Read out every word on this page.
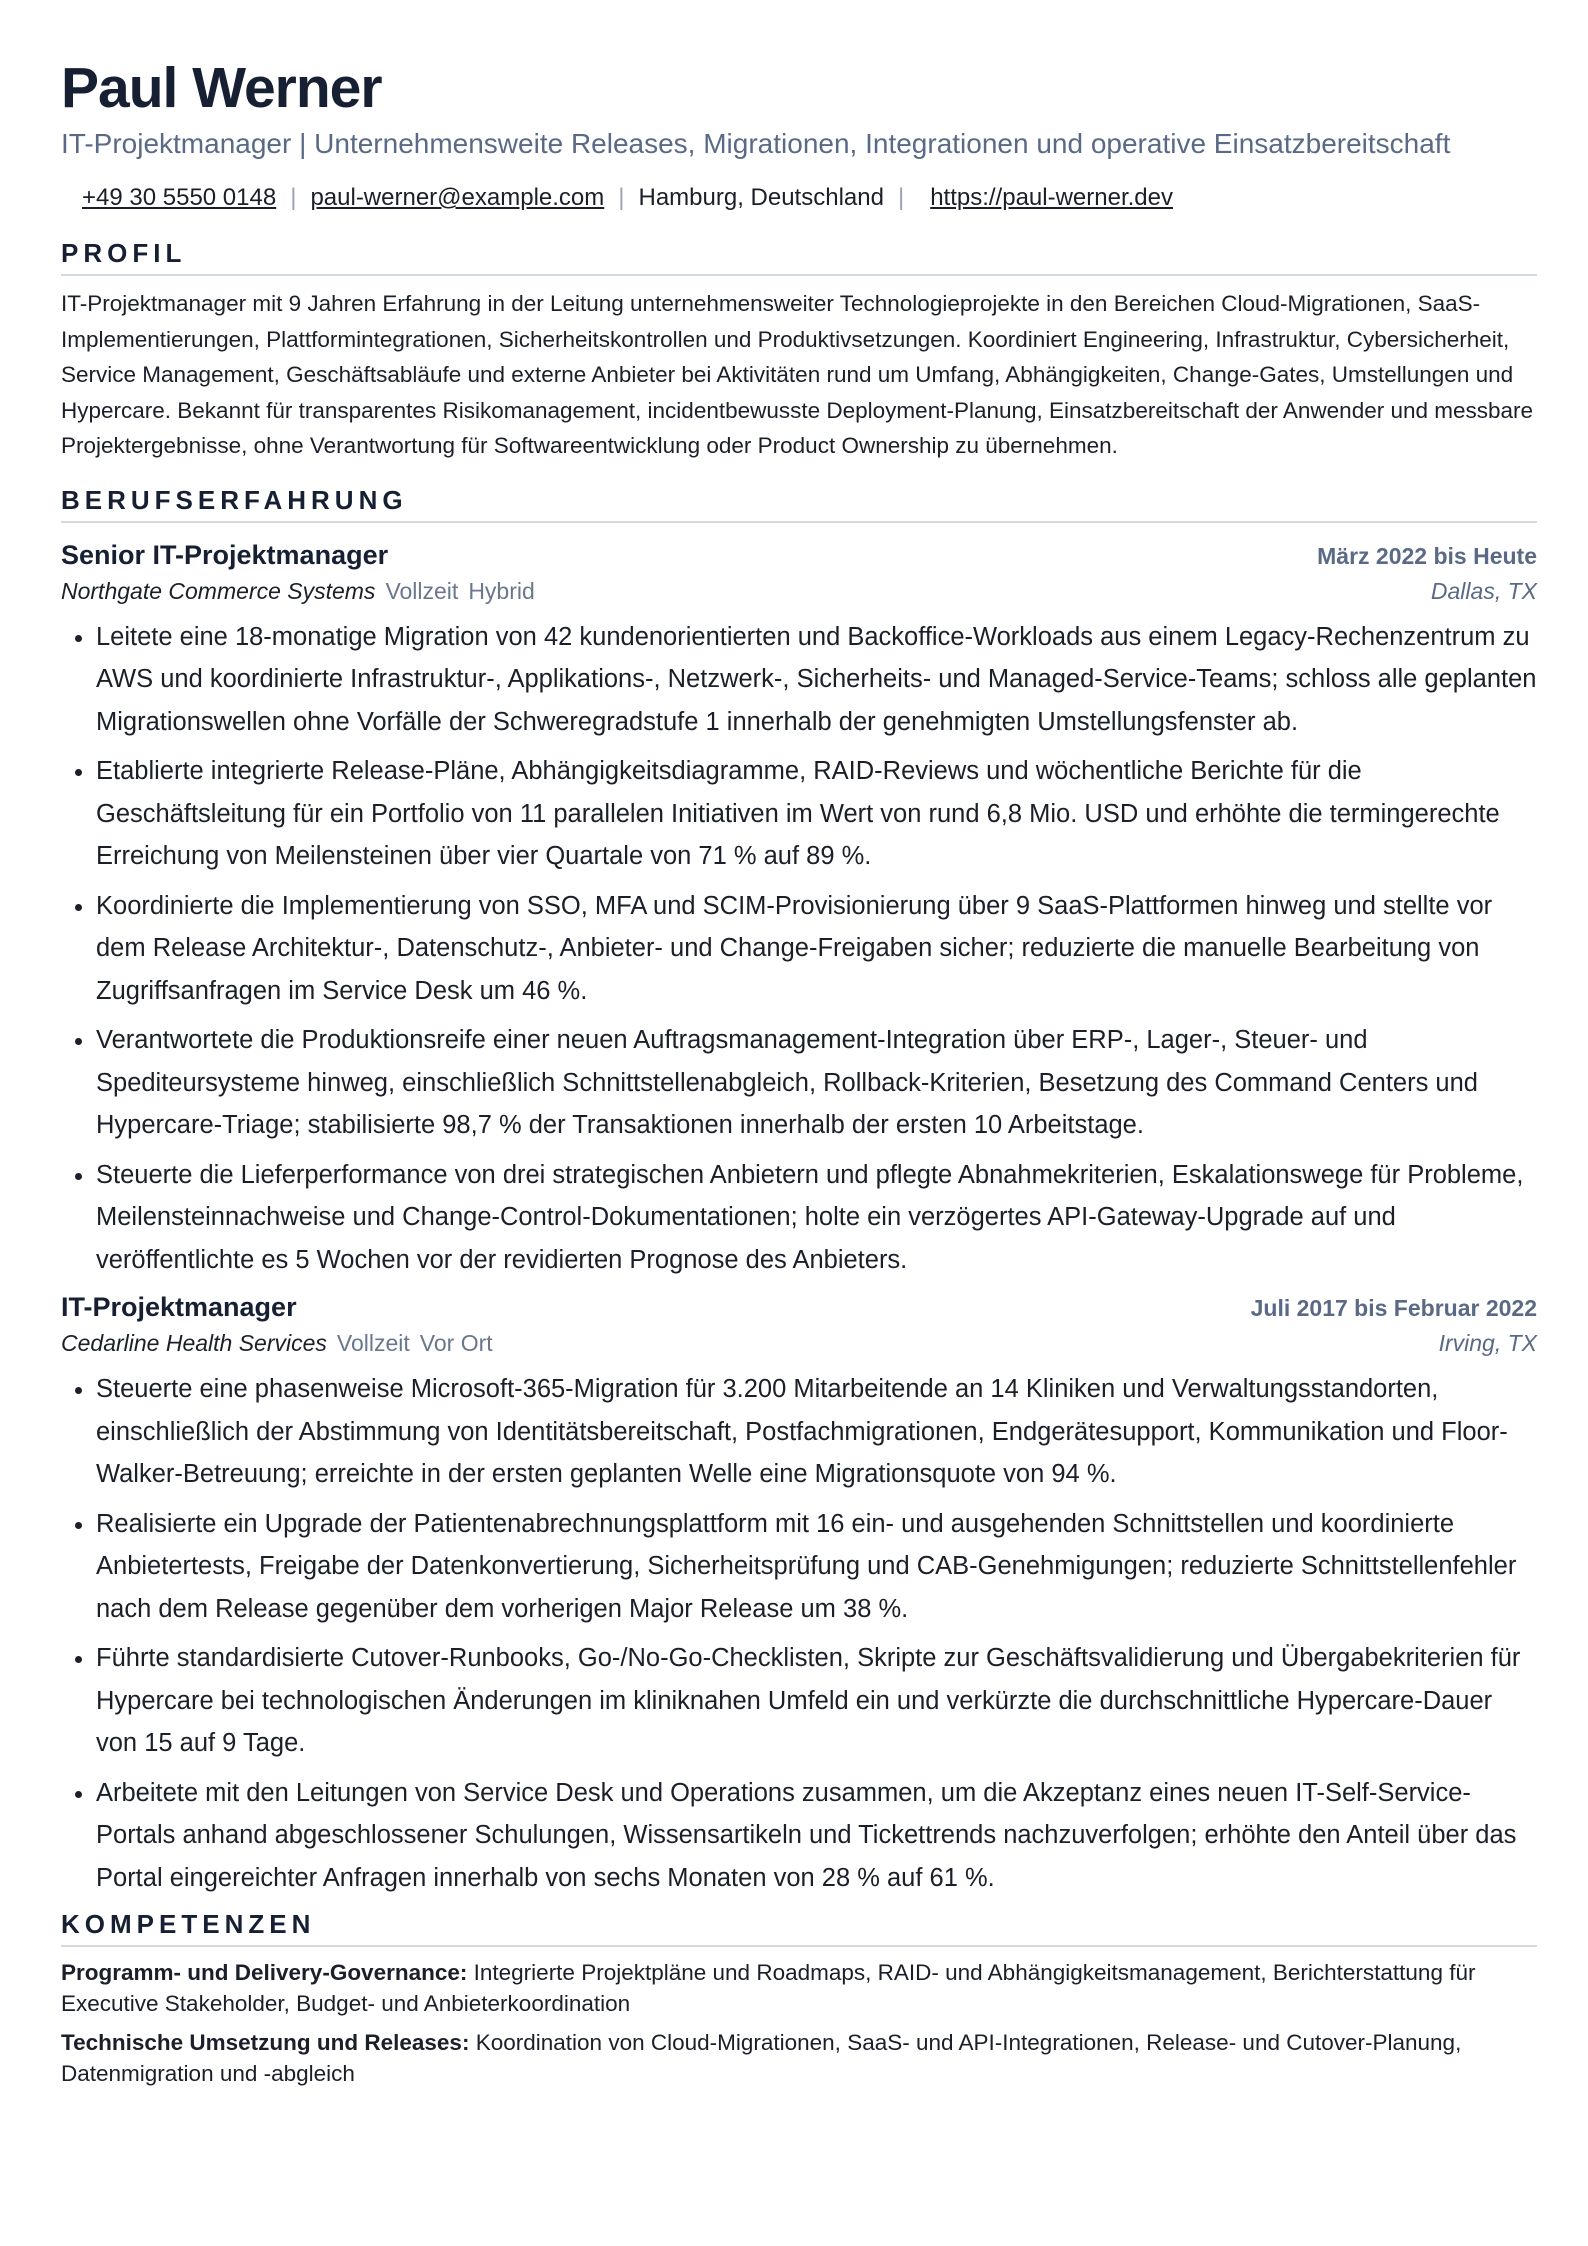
Paul Werner
IT-Projektmanager | Unternehmensweite Releases, Migrationen, Integrationen und operative Einsatzbereitschaft
+49 30 5550 0148 | paul-werner@example.com | Hamburg, Deutschland | https://paul-werner.dev
PROFIL
IT-Projektmanager mit 9 Jahren Erfahrung in der Leitung unternehmensweiter Technologieprojekte in den Bereichen Cloud-Migrationen, SaaS-Implementierungen, Plattformintegrationen, Sicherheitskontrollen und Produktivsetzungen. Koordiniert Engineering, Infrastruktur, Cybersicherheit, Service Management, Geschäftsabläufe und externe Anbieter bei Aktivitäten rund um Umfang, Abhängigkeiten, Change-Gates, Umstellungen und Hypercare. Bekannt für transparentes Risikomanagement, incidentbewusste Deployment-Planung, Einsatzbereitschaft der Anwender und messbare Projektergebnisse, ohne Verantwortung für Softwareentwicklung oder Product Ownership zu übernehmen.
BERUFSERFAHRUNG
Senior IT-Projektmanager	März 2022 bis Heute
Northgate Commerce Systems Vollzeit Hybrid	Dallas, TX
• Leitete eine 18-monatige Migration von 42 kundenorientierten und Backoffice-Workloads aus einem Legacy-Rechenzentrum zu AWS und koordinierte Infrastruktur-, Applikations-, Netzwerk-, Sicherheits- und Managed-Service-Teams; schloss alle geplanten Migrationswellen ohne Vorfälle der Schweregradstufe 1 innerhalb der genehmigten Umstellungsfenster ab.
• Etablierte integrierte Release-Pläne, Abhängigkeitsdiagramme, RAID-Reviews und wöchentliche Berichte für die Geschäftsleitung für ein Portfolio von 11 parallelen Initiativen im Wert von rund 6,8 Mio. USD und erhöhte die termingerechte Erreichung von Meilensteinen über vier Quartale von 71 % auf 89 %.
• Koordinierte die Implementierung von SSO, MFA und SCIM-Provisionierung über 9 SaaS-Plattformen hinweg und stellte vor dem Release Architektur-, Datenschutz-, Anbieter- und Change-Freigaben sicher; reduzierte die manuelle Bearbeitung von Zugriffsanfragen im Service Desk um 46 %.
• Verantwortete die Produktionsreife einer neuen Auftragsmanagement-Integration über ERP-, Lager-, Steuer- und Spediteursysteme hinweg, einschließlich Schnittstellenabgleich, Rollback-Kriterien, Besetzung des Command Centers und Hypercare-Triage; stabilisierte 98,7 % der Transaktionen innerhalb der ersten 10 Arbeitstage.
• Steuerte die Lieferperformance von drei strategischen Anbietern und pflegte Abnahmekriterien, Eskalationswege für Probleme, Meilensteinnachweise und Change-Control-Dokumentationen; holte ein verzögertes API-Gateway-Upgrade auf und veröffentlichte es 5 Wochen vor der revidierten Prognose des Anbieters.
IT-Projektmanager	Juli 2017 bis Februar 2022
Cedarline Health Services Vollzeit Vor Ort	Irving, TX
• Steuerte eine phasenweise Microsoft-365-Migration für 3.200 Mitarbeitende an 14 Kliniken und Verwaltungsstandorten, einschließlich der Abstimmung von Identitätsbereitschaft, Postfachmigrationen, Endgerätesupport, Kommunikation und Floor-Walker-Betreuung; erreichte in der ersten geplanten Welle eine Migrationsquote von 94 %.
• Realisierte ein Upgrade der Patientenabrechnungsplattform mit 16 ein- und ausgehenden Schnittstellen und koordinierte Anbietertests, Freigabe der Datenkonvertierung, Sicherheitsprüfung und CAB-Genehmigungen; reduzierte Schnittstellenfehler nach dem Release gegenüber dem vorherigen Major Release um 38 %.
• Führte standardisierte Cutover-Runbooks, Go-/No-Go-Checklisten, Skripte zur Geschäftsvalidierung und Übergabekriterien für Hypercare bei technologischen Änderungen im kliniknahen Umfeld ein und verkürzte die durchschnittliche Hypercare-Dauer von 15 auf 9 Tage.
• Arbeitete mit den Leitungen von Service Desk und Operations zusammen, um die Akzeptanz eines neuen IT-Self-Service-Portals anhand abgeschlossener Schulungen, Wissensartikeln und Tickettrends nachzuverfolgen; erhöhte den Anteil über das Portal eingereichter Anfragen innerhalb von sechs Monaten von 28 % auf 61 %.
KOMPETENZEN
Programm- und Delivery-Governance: Integrierte Projektpläne und Roadmaps, RAID- und Abhängigkeitsmanagement, Berichterstattung für Executive Stakeholder, Budget- und Anbieterkoordination
Technische Umsetzung und Releases: Koordination von Cloud-Migrationen, SaaS- und API-Integrationen, Release- und Cutover-Planung, Datenmigration und -abgleich
